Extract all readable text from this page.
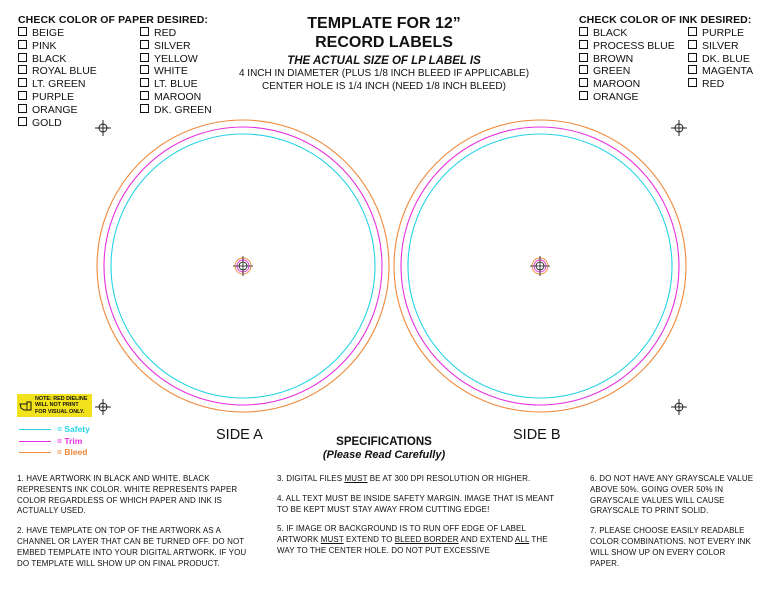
CHECK COLOR OF PAPER DESIRED:
BEIGE
PINK
BLACK
ROYAL BLUE
LT. GREEN
PURPLE
ORANGE
GOLD
RED
SILVER
YELLOW
WHITE
LT. BLUE
MAROON
DK. GREEN
CHECK COLOR OF INK DESIRED:
BLACK
PROCESS BLUE
BROWN
GREEN
MAROON
ORANGE
PURPLE
SILVER
DK. BLUE
MAGENTA
RED
TEMPLATE FOR 12”
RECORD LABELS
THE ACTUAL SIZE OF LP LABEL IS
4 INCH IN DIAMETER (PLUS 1/8 INCH BLEED IF APPLICABLE)
CENTER HOLE IS 1/4 INCH (NEED 1/8 INCH BLEED)
SIDE A	SIDE B
NOTE: RED DIELINE
WILL NOT PRINT
FOR VISUAL ONLY.
= Safety
= Trim
= Bleed
SPECIFICATIONS
(Please Read Carefully)

1. HAVE ARTWORK IN BLACK AND WHITE. BLACK REPRESENTS INK COLOR. WHITE REPRESENTS PAPER COLOR REGARDLESS OF WHICH PAPER AND INK IS ACTUALLY USED.

2. HAVE TEMPLATE ON TOP OF THE ARTWORK AS A CHANNEL OR LAYER THAT CAN BE TURNED OFF. DO NOT EMBED TEMPLATE INTO YOUR DIGITAL ARTWORK. IF YOU DO TEMPLATE WILL SHOW UP ON FINAL PRODUCT.

3. DIGITAL FILES MUST BE AT 300 DPI RESOLUTION OR HIGHER.

4. ALL TEXT MUST BE INSIDE SAFETY MARGIN. IMAGE THAT IS MEANT TO BE KEPT MUST STAY AWAY FROM CUTTING EDGE!

5. IF IMAGE OR BACKGROUND IS TO RUN OFF EDGE OF LABEL ARTWORK MUST EXTEND TO BLEED BORDER AND EXTEND ALL THE WAY TO THE CENTER HOLE. DO NOT PUT EXCESSIVE

6. DO NOT HAVE ANY GRAYSCALE VALUE ABOVE 50%. GOING OVER 50% IN GRAYSCALE VALUES WILL CAUSE GRAYSCALE TO PRINT SOLID.

7. PLEASE CHOOSE EASILY READABLE COLOR COMBINATIONS. NOT EVERY INK WILL SHOW UP ON EVERY COLOR PAPER.
